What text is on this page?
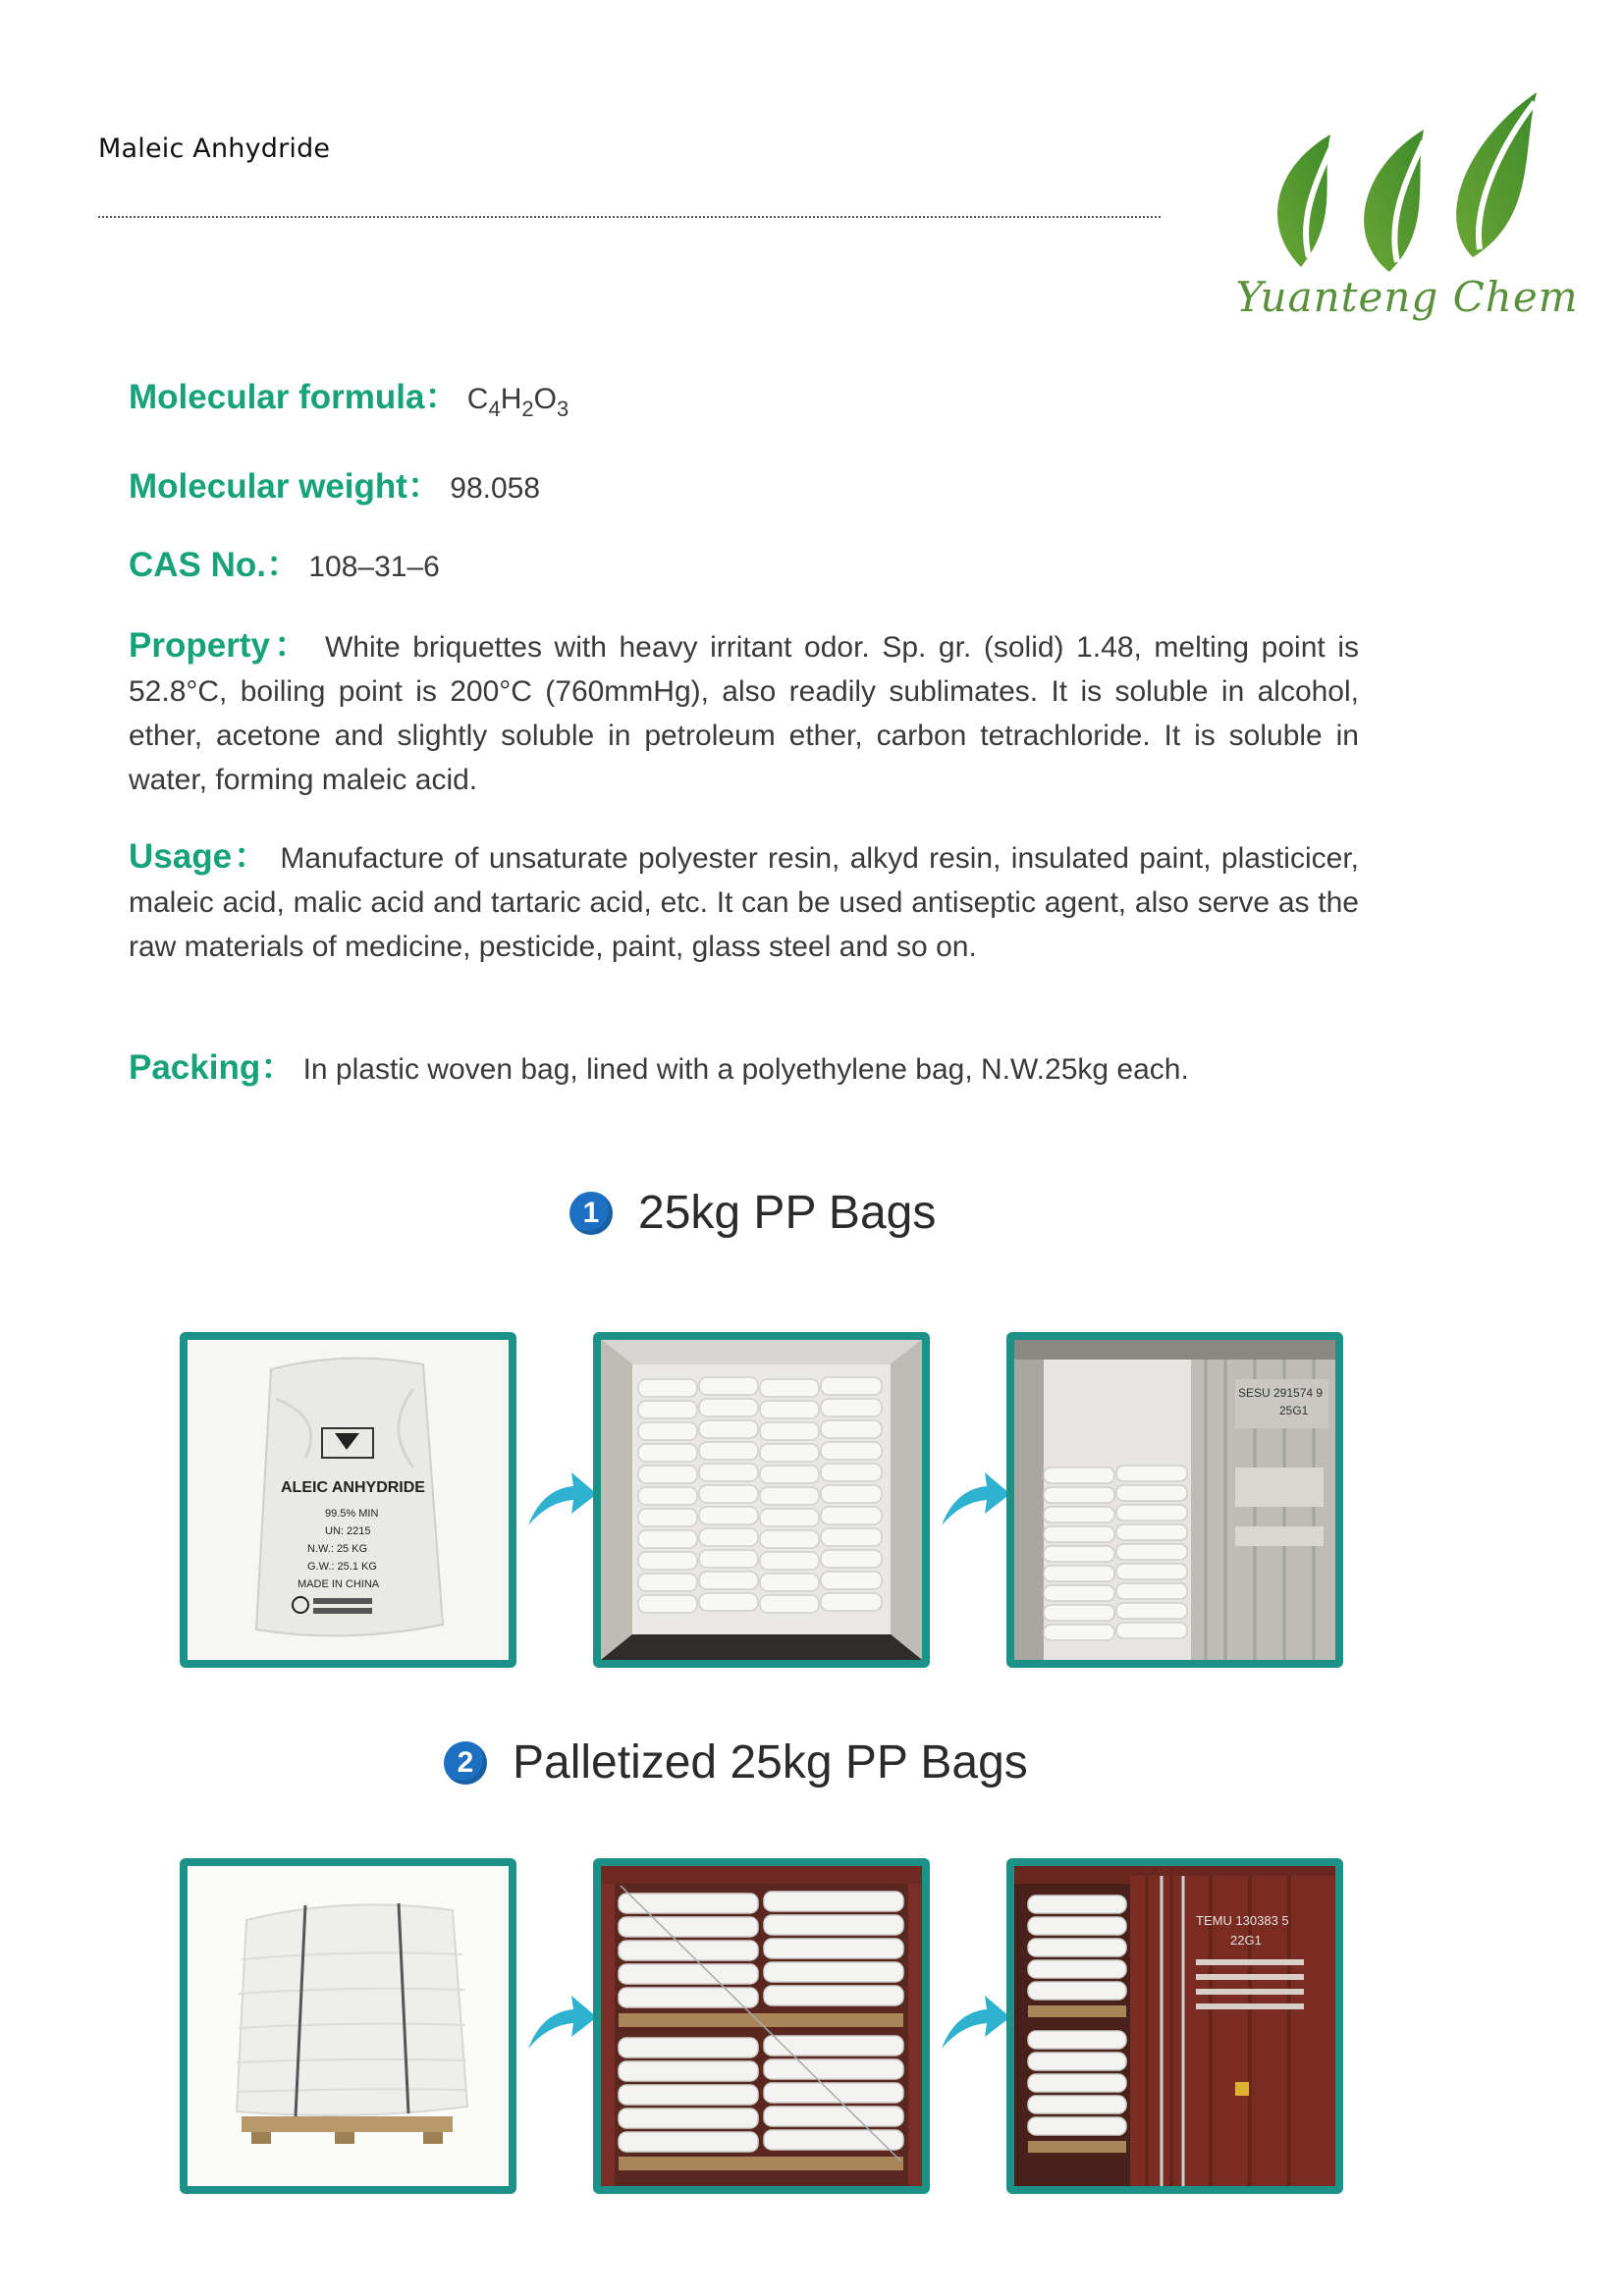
Maleic Anhydride
Yuanteng Chem
Molecular formula： $C_4H_2O_3$
Molecular weight： 98.058
CAS No.： 108–31–6
Property： White briquettes with heavy irritant odor. Sp. gr. (solid) 1.48, melting point is 52.8°C, boiling point is 200°C (760mmHg), also readily sublimates. It is soluble in alcohol, ether, acetone and slightly soluble in petroleum ether, carbon tetrachloride. It is soluble in water, forming maleic acid.
Usage： Manufacture of unsaturate polyester resin, alkyd resin, insulated paint, plasticicer, maleic acid, malic acid and tartaric acid, etc. It can be used antiseptic agent, also serve as the raw materials of medicine, pesticide, paint, glass steel and so on.
Packing： In plastic woven bag, lined with a polyethylene bag, N.W.25kg each.
1 25kg PP Bags
ALEIC ANHYDRIDE
99.5% MIN
UN: 2215
N.W.: 25 KG
G.W.: 25.1 KG
MADE IN CHINA
SESU 291574 9
25G1
2 Palletized 25kg PP Bags
TEMU 130383 5
22G1
